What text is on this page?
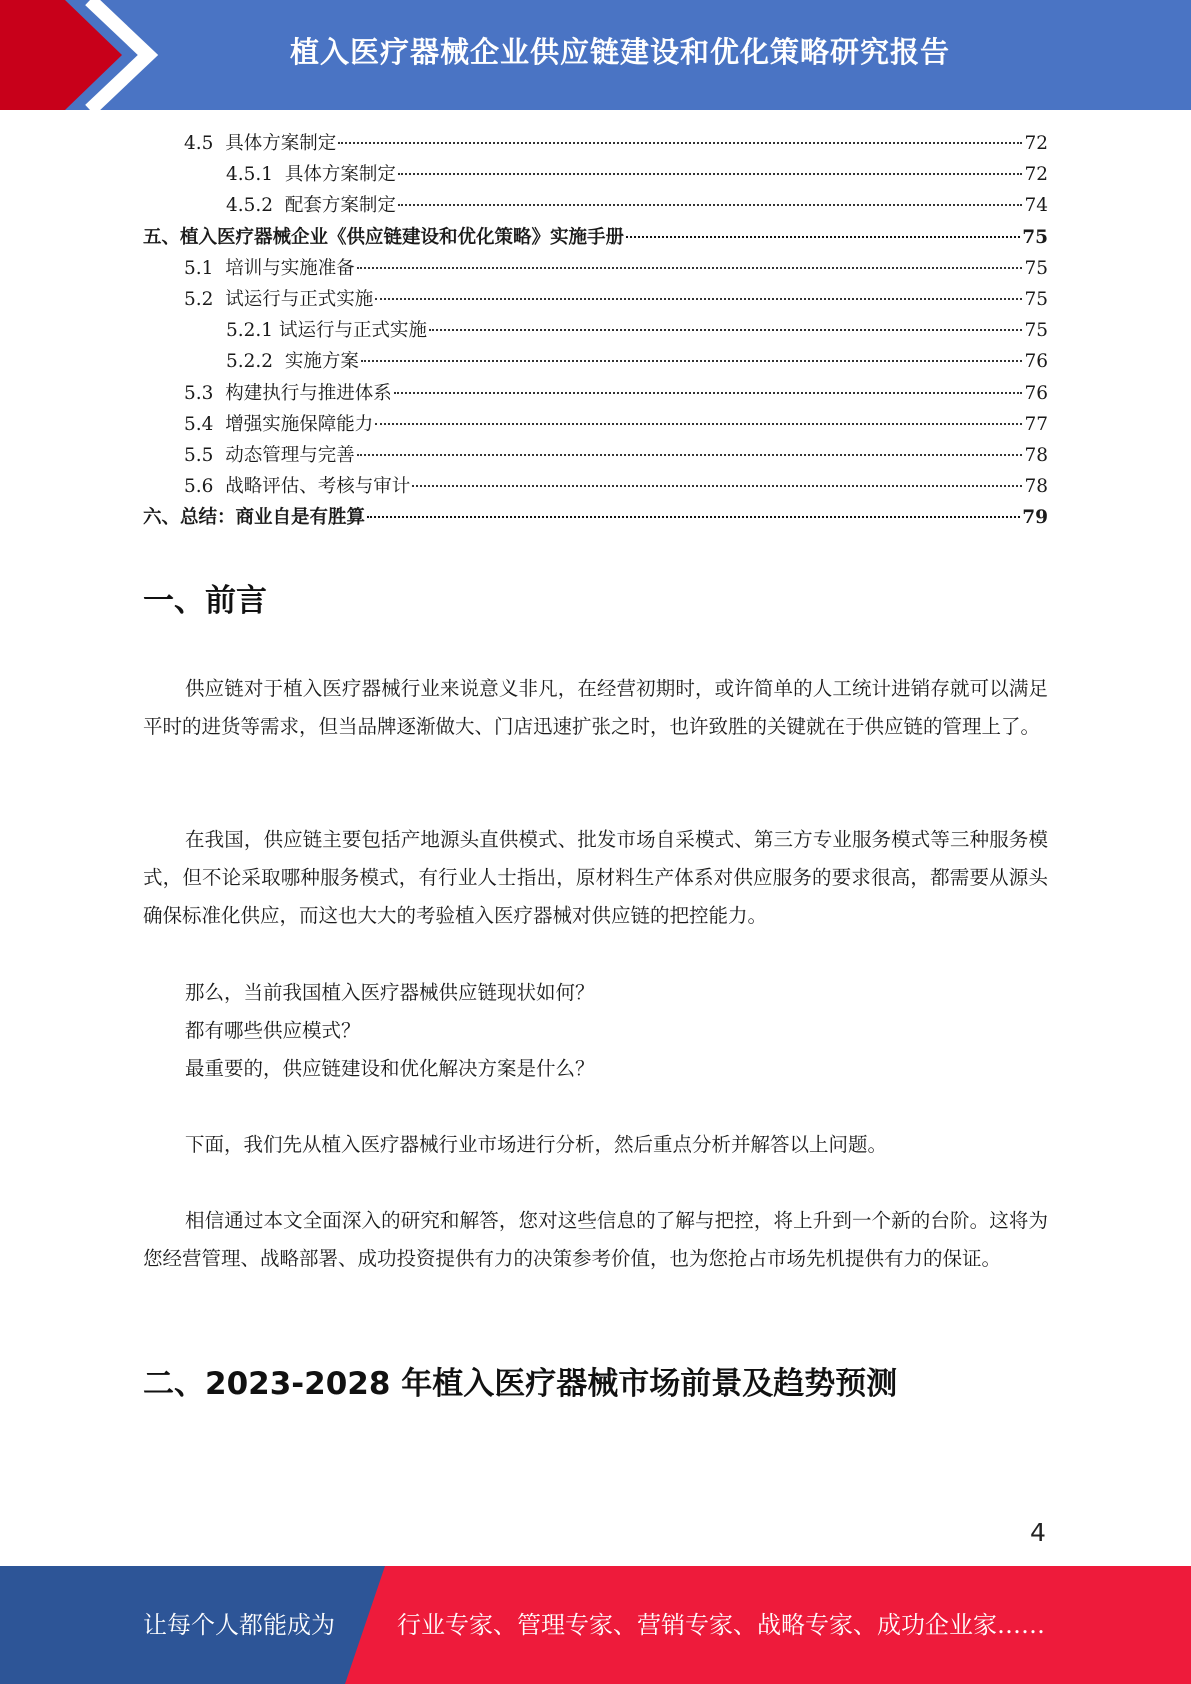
植入医疗器械企业供应链建设和优化策略研究报告
4.5 具体方案制定	72
4.5.1 具体方案制定	72
4.5.2 配套方案制定	74
五、植入医疗器械企业《供应链建设和优化策略》实施手册	75
5.1 培训与实施准备	75
5.2 试运行与正式实施	75
5.2.1 试运行与正式实施	75
5.2.2 实施方案	76
5.3 构建执行与推进体系	76
5.4 增强实施保障能力	77
5.5 动态管理与完善	78
5.6 战略评估、考核与审计	78
六、总结：商业自是有胜算	79
一、前言
供应链对于植入医疗器械行业来说意义非凡，在经营初期时，或许简单的人工统计进销存就可以满足平时的进货等需求，但当品牌逐渐做大、门店迅速扩张之时，也许致胜的关键就在于供应链的管理上了。
在我国，供应链主要包括产地源头直供模式、批发市场自采模式、第三方专业服务模式等三种服务模式，但不论采取哪种服务模式，有行业人士指出，原材料生产体系对供应服务的要求很高，都需要从源头确保标准化供应，而这也大大的考验植入医疗器械对供应链的把控能力。
那么，当前我国植入医疗器械供应链现状如何？
都有哪些供应模式？
最重要的，供应链建设和优化解决方案是什么？
下面，我们先从植入医疗器械行业市场进行分析，然后重点分析并解答以上问题。
相信通过本文全面深入的研究和解答，您对这些信息的了解与把控，将上升到一个新的台阶。这将为您经营管理、战略部署、成功投资提供有力的决策参考价值，也为您抢占市场先机提供有力的保证。
二、2023-2028 年植入医疗器械市场前景及趋势预测
4
让每个人都能成为	行业专家、管理专家、营销专家、战略专家、成功企业家……
